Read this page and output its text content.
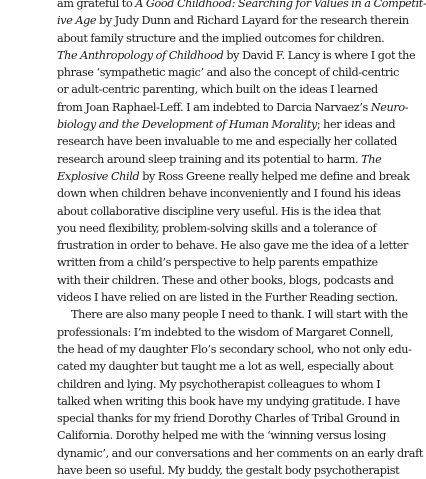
am grateful to A Good Childhood: Searching for Values in a Competit-
ive Age by Judy Dunn and Richard Layard for the research therein
about family structure and the implied outcomes for children.
The Anthropology of Childhood by David F. Lancy is where I got the
phrase ‘sympathetic magic’ and also the concept of child-centric
or adult-centric parenting, which built on the ideas I learned
from Joan Raphael-Leff. I am indebted to Darcia Narvaez’s Neuro-
biology and the Development of Human Morality; her ideas and
research have been invaluable to me and especially her collated
research around sleep training and its potential to harm. The
Explosive Child by Ross Greene really helped me define and break
down when children behave inconveniently and I found his ideas
about collaborative discipline very useful. His is the idea that
you need flexibility, problem-solving skills and a tolerance of
frustration in order to behave. He also gave me the idea of a letter
written from a child’s perspective to help parents empathize
with their children. These and other books, blogs, podcasts and
videos I have relied on are listed in the Further Reading section.
There are also many people I need to thank. I will start with the
professionals: I’m indebted to the wisdom of Margaret Connell,
the head of my daughter Flo’s secondary school, who not only edu-
cated my daughter but taught me a lot as well, especially about
children and lying. My psychotherapist colleagues to whom I
talked when writing this book have my undying gratitude. I have
special thanks for my friend Dorothy Charles of Tribal Ground in
California. Dorothy helped me with the ‘winning versus losing
dynamic’, and our conversations and her comments on an early draft
have been so useful. My buddy, the gestalt body psychotherapist
